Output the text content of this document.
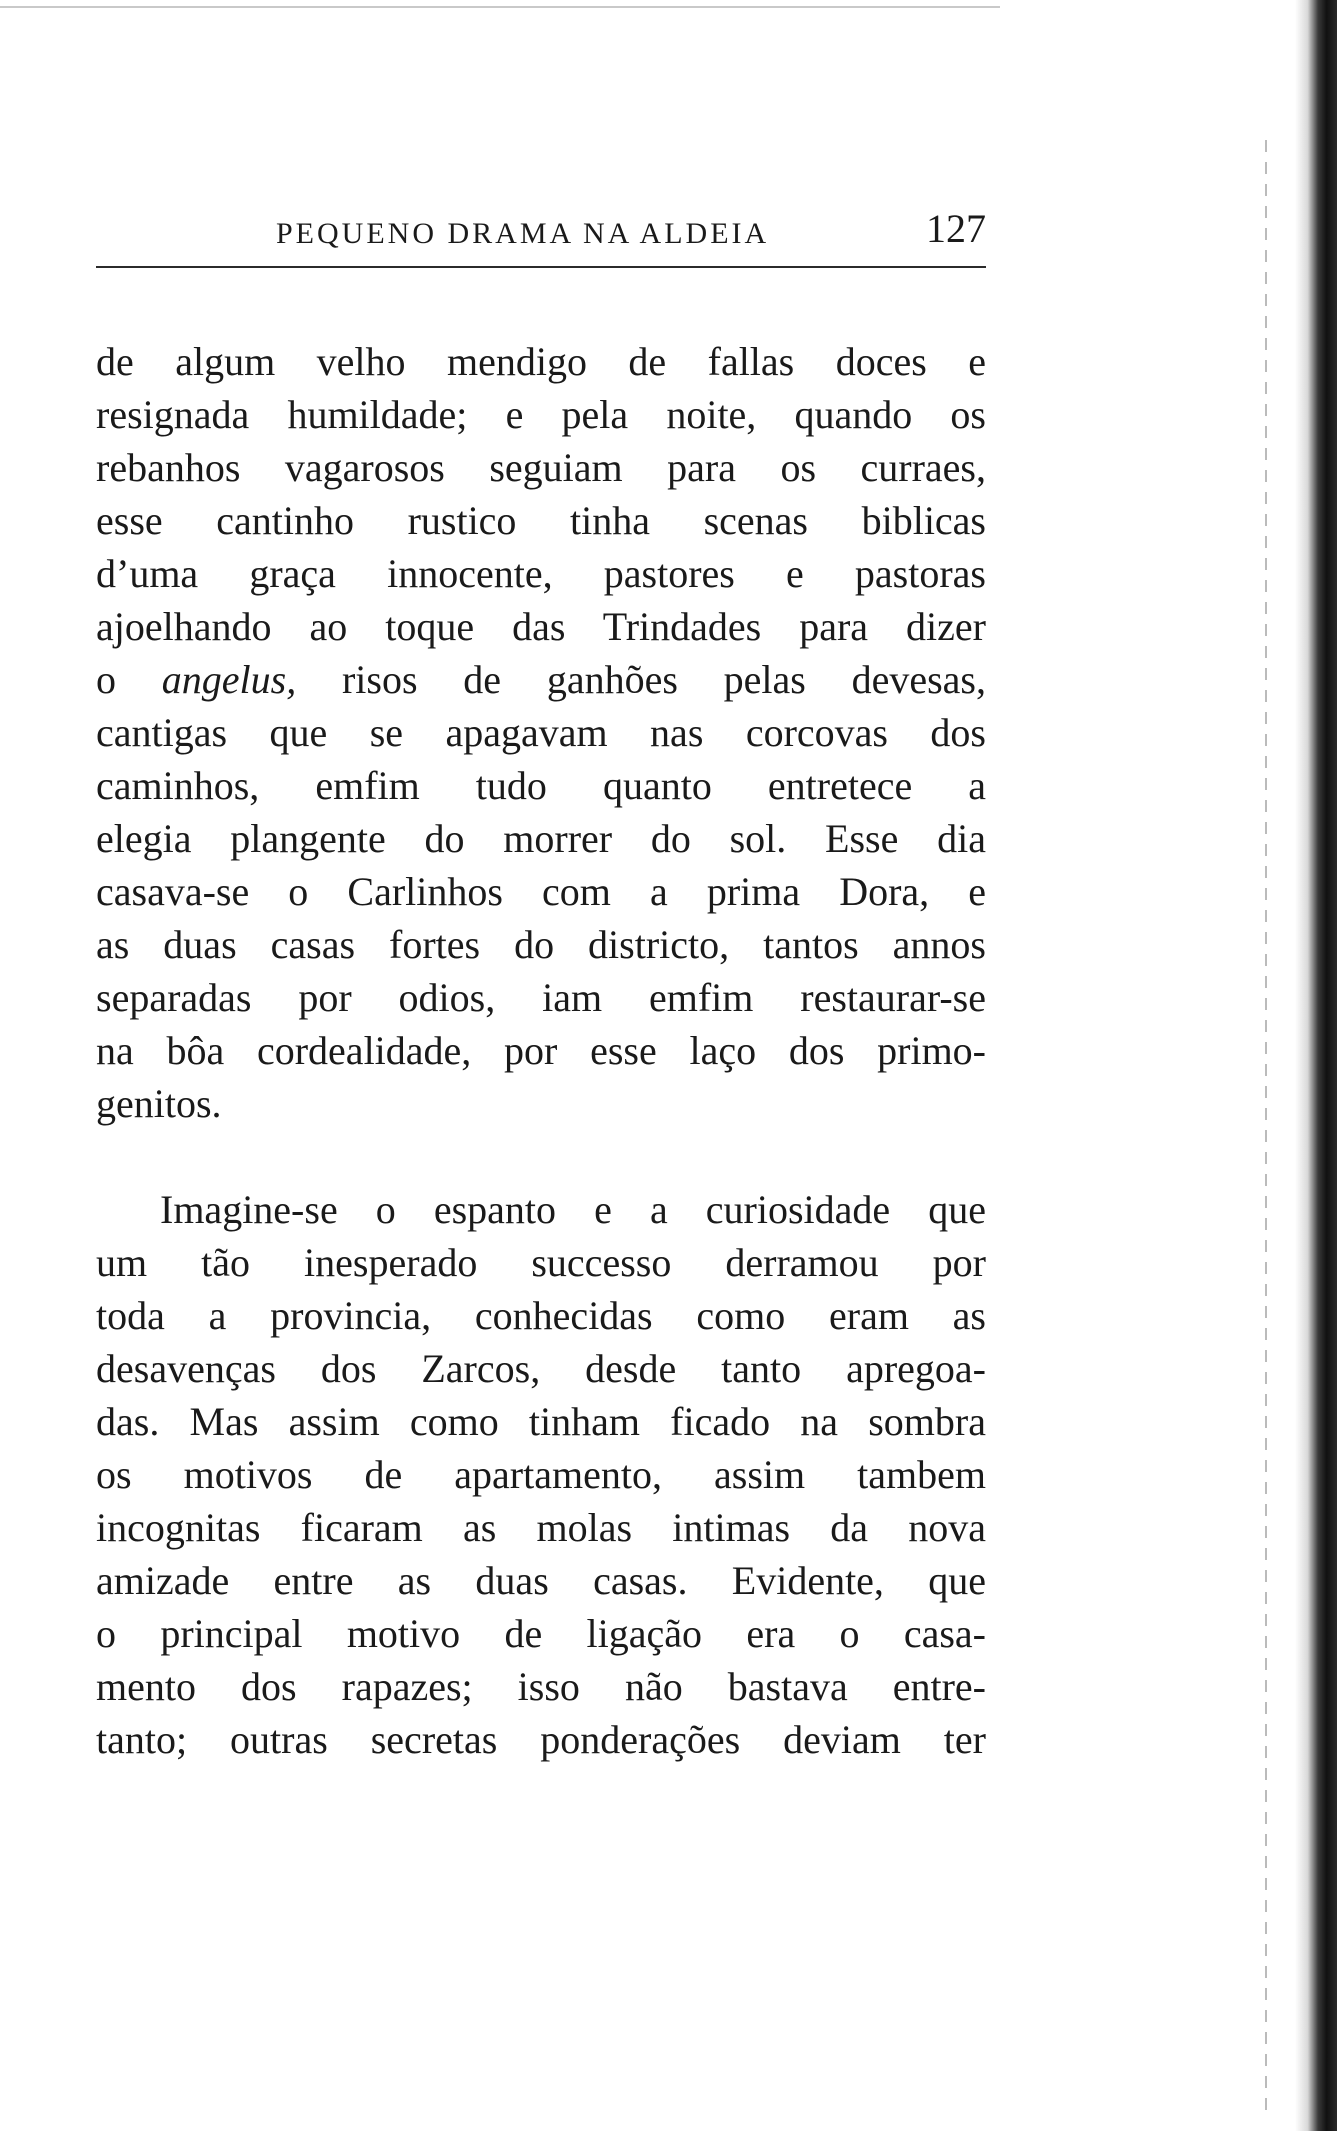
PEQUENO DRAMA NA ALDEIA	127
de algum velho mendigo de fallas doces e
resignada humildade; e pela noite, quando os
rebanhos vagarosos seguiam para os curraes,
esse cantinho rustico tinha scenas biblicas
d’uma graça innocente, pastores e pastoras
ajoelhando ao toque das Trindades para dizer
o angelus, risos de ganhões pelas devesas,
cantigas que se apagavam nas corcovas dos
caminhos, emfim tudo quanto entretece a
elegia plangente do morrer do sol. Esse dia
casava-se o Carlinhos com a prima Dora, e
as duas casas fortes do districto, tantos annos
separadas por odios, iam emfim restaurar-se
na bôa cordealidade, por esse laço dos primo-
genitos.
Imagine-se o espanto e a curiosidade que
um tão inesperado successo derramou por
toda a provincia, conhecidas como eram as
desavenças dos Zarcos, desde tanto apregoa-
das. Mas assim como tinham ficado na sombra
os motivos de apartamento, assim tambem
incognitas ficaram as molas intimas da nova
amizade entre as duas casas. Evidente, que
o principal motivo de ligação era o casa-
mento dos rapazes; isso não bastava entre-
tanto; outras secretas ponderações deviam ter
